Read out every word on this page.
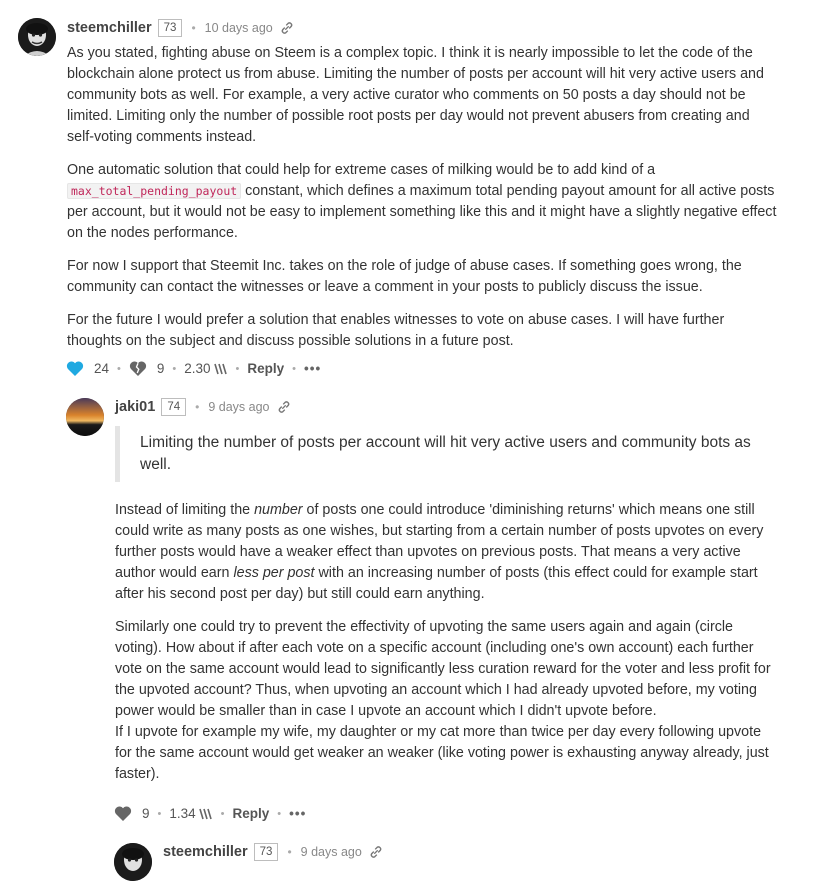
steemchiller	73	• 10 days ago

As you stated, fighting abuse on Steem is a complex topic. I think it is nearly impossible to let the code of the blockchain alone protect us from abuse. Limiting the number of posts per account will hit very active users and community bots as well. For example, a very active curator who comments on 50 posts a day should not be limited. Limiting only the number of possible root posts per day would not prevent abusers from creating and self-voting comments instead.

One automatic solution that could help for extreme cases of milking would be to add kind of a max_total_pending_payout constant, which defines a maximum total pending payout amount for all active posts per account, but it would not be easy to implement something like this and it might have a slightly negative effect on the nodes performance.

For now I support that Steemit Inc. takes on the role of judge of abuse cases. If something goes wrong, the community can contact the witnesses or leave a comment in your posts to publicly discuss the issue.

For the future I would prefer a solution that enables witnesses to vote on abuse cases. I will have further thoughts on the subject and discuss possible solutions in a future post.

24 •	9 • 2.30 • Reply • •••
jaki01	74	• 9 days ago
Limiting the number of posts per account will hit very active users and community bots as well.

Instead of limiting the number of posts one could introduce 'diminishing returns' which means one still could write as many posts as one wishes, but starting from a certain number of posts upvotes on every further posts would have a weaker effect than upvotes on previous posts. That means a very active author would earn less per post with an increasing number of posts (this effect could for example start after his second post per day) but still could earn anything.

Similarly one could try to prevent the effectivity of upvoting the same users again and again (circle voting). How about if after each vote on a specific account (including one's own account) each further vote on the same account would lead to significantly less curation reward for the voter and less profit for the upvoted account? Thus, when upvoting an account which I had already upvoted before, my voting power would be smaller than in case I upvote an account which I didn't upvote before.

If I upvote for example my wife, my daughter or my cat more than twice per day every following upvote for the same account would get weaker an weaker (like voting power is exhausting anyway already, just faster).

9 • 1.34 • Reply • •••
steemchiller	73	• 9 days ago
